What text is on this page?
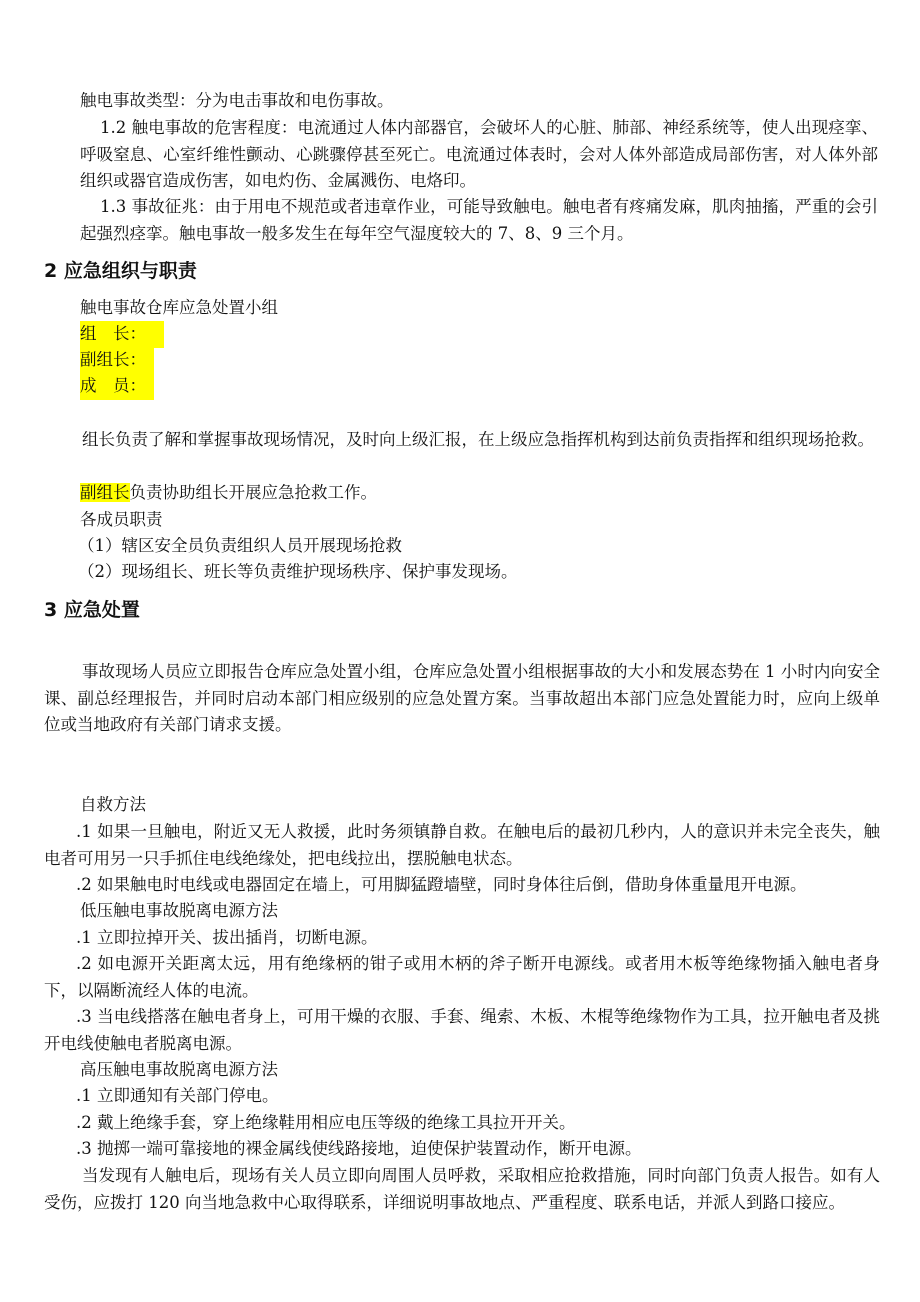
触电事故类型：分为电击事故和电伤事故。
1.2 触电事故的危害程度：电流通过人体内部器官，会破坏人的心脏、肺部、神经系统等，使人出现痉挛、呼吸窒息、心室纤维性颤动、心跳骤停甚至死亡。电流通过体表时，会对人体外部造成局部伤害，对人体外部组织或器官造成伤害，如电灼伤、金属溅伤、电烙印。
1.3 事故征兆：由于用电不规范或者违章作业，可能导致触电。触电者有疼痛发麻，肌肉抽搐，严重的会引起强烈痉挛。触电事故一般多发生在每年空气湿度较大的 7、8、9 三个月。
2 应急组织与职责
触电事故仓库应急处置小组
组　长：
副组长：
成　员：
组长负责了解和掌握事故现场情况，及时向上级汇报，在上级应急指挥机构到达前负责指挥和组织现场抢救。
副组长负责协助组长开展应急抢救工作。
各成员职责
（1）辖区安全员负责组织人员开展现场抢救
（2）现场组长、班长等负责维护现场秩序、保护事发现场。
3 应急处置
事故现场人员应立即报告仓库应急处置小组，仓库应急处置小组根据事故的大小和发展态势在 1 小时内向安全课、副总经理报告，并同时启动本部门相应级别的应急处置方案。当事故超出本部门应急处置能力时，应向上级单位或当地政府有关部门请求支援。
自救方法
.1 如果一旦触电，附近又无人救援，此时务须镇静自救。在触电后的最初几秒内，人的意识并未完全丧失，触电者可用另一只手抓住电线绝缘处，把电线拉出，摆脱触电状态。
.2 如果触电时电线或电器固定在墙上，可用脚猛蹬墙壁，同时身体往后倒，借助身体重量甩开电源。
低压触电事故脱离电源方法
.1 立即拉掉开关、拔出插肖，切断电源。
.2 如电源开关距离太远，用有绝缘柄的钳子或用木柄的斧子断开电源线。或者用木板等绝缘物插入触电者身下，以隔断流经人体的电流。
.3 当电线搭落在触电者身上，可用干燥的衣服、手套、绳索、木板、木棍等绝缘物作为工具，拉开触电者及挑开电线使触电者脱离电源。
高压触电事故脱离电源方法
.1 立即通知有关部门停电。
.2 戴上绝缘手套，穿上绝缘鞋用相应电压等级的绝缘工具拉开开关。
.3 抛掷一端可靠接地的裸金属线使线路接地，迫使保护装置动作，断开电源。
当发现有人触电后，现场有关人员立即向周围人员呼救，采取相应抢救措施，同时向部门负责人报告。如有人受伤，应拨打 120 向当地急救中心取得联系，详细说明事故地点、严重程度、联系电话，并派人到路口接应。
